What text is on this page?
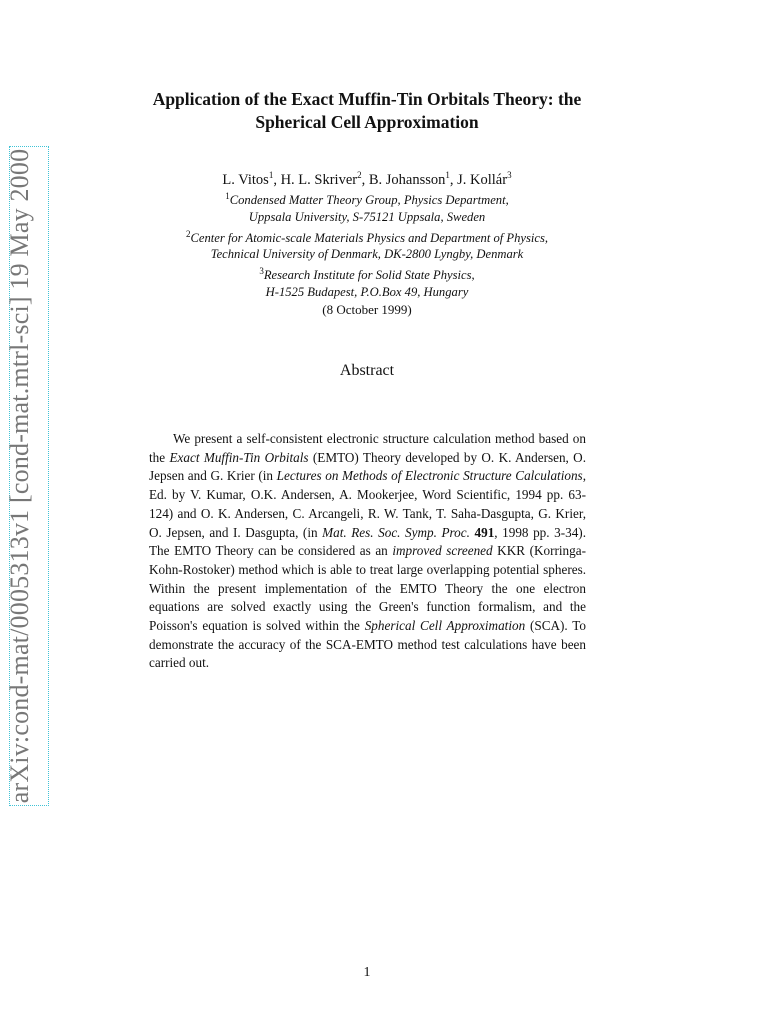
arXiv:cond-mat/0005313v1 [cond-mat.mtrl-sci] 19 May 2000
Application of the Exact Muffin-Tin Orbitals Theory: the
Spherical Cell Approximation
L. Vitos$^1$, H. L. Skriver$^2$, B. Johansson$^1$, J. Kollár$^3$
$^1$Condensed Matter Theory Group, Physics Department,
Uppsala University, S-75121 Uppsala, Sweden
$^2$Center for Atomic-scale Materials Physics and Department of Physics,
Technical University of Denmark, DK-2800 Lyngby, Denmark
$^3$Research Institute for Solid State Physics,
H-1525 Budapest, P.O.Box 49, Hungary
(8 October 1999)
Abstract

We present a self-consistent electronic structure calculation method based on the Exact Muffin-Tin Orbitals (EMTO) Theory developed by O. K. Andersen, O. Jepsen and G. Krier (in Lectures on Methods of Electronic Structure Calculations, Ed. by V. Kumar, O.K. Andersen, A. Mookerjee, Word Scientific, 1994 pp. 63-124) and O. K. Andersen, C. Arcangeli, R. W. Tank, T. Saha-Dasgupta, G. Krier, O. Jepsen, and I. Dasgupta, (in Mat. Res. Soc. Symp. Proc. 491, 1998 pp. 3-34). The EMTO Theory can be considered as an improved screened KKR (Korringa-Kohn-Rostoker) method which is able to treat large overlapping potential spheres. Within the present implementation of the EMTO Theory the one electron equations are solved exactly using the Green's function formalism, and the Poisson's equation is solved within the Spherical Cell Approximation (SCA). To demonstrate the accuracy of the SCA-EMTO method test calculations have been carried out.

1
